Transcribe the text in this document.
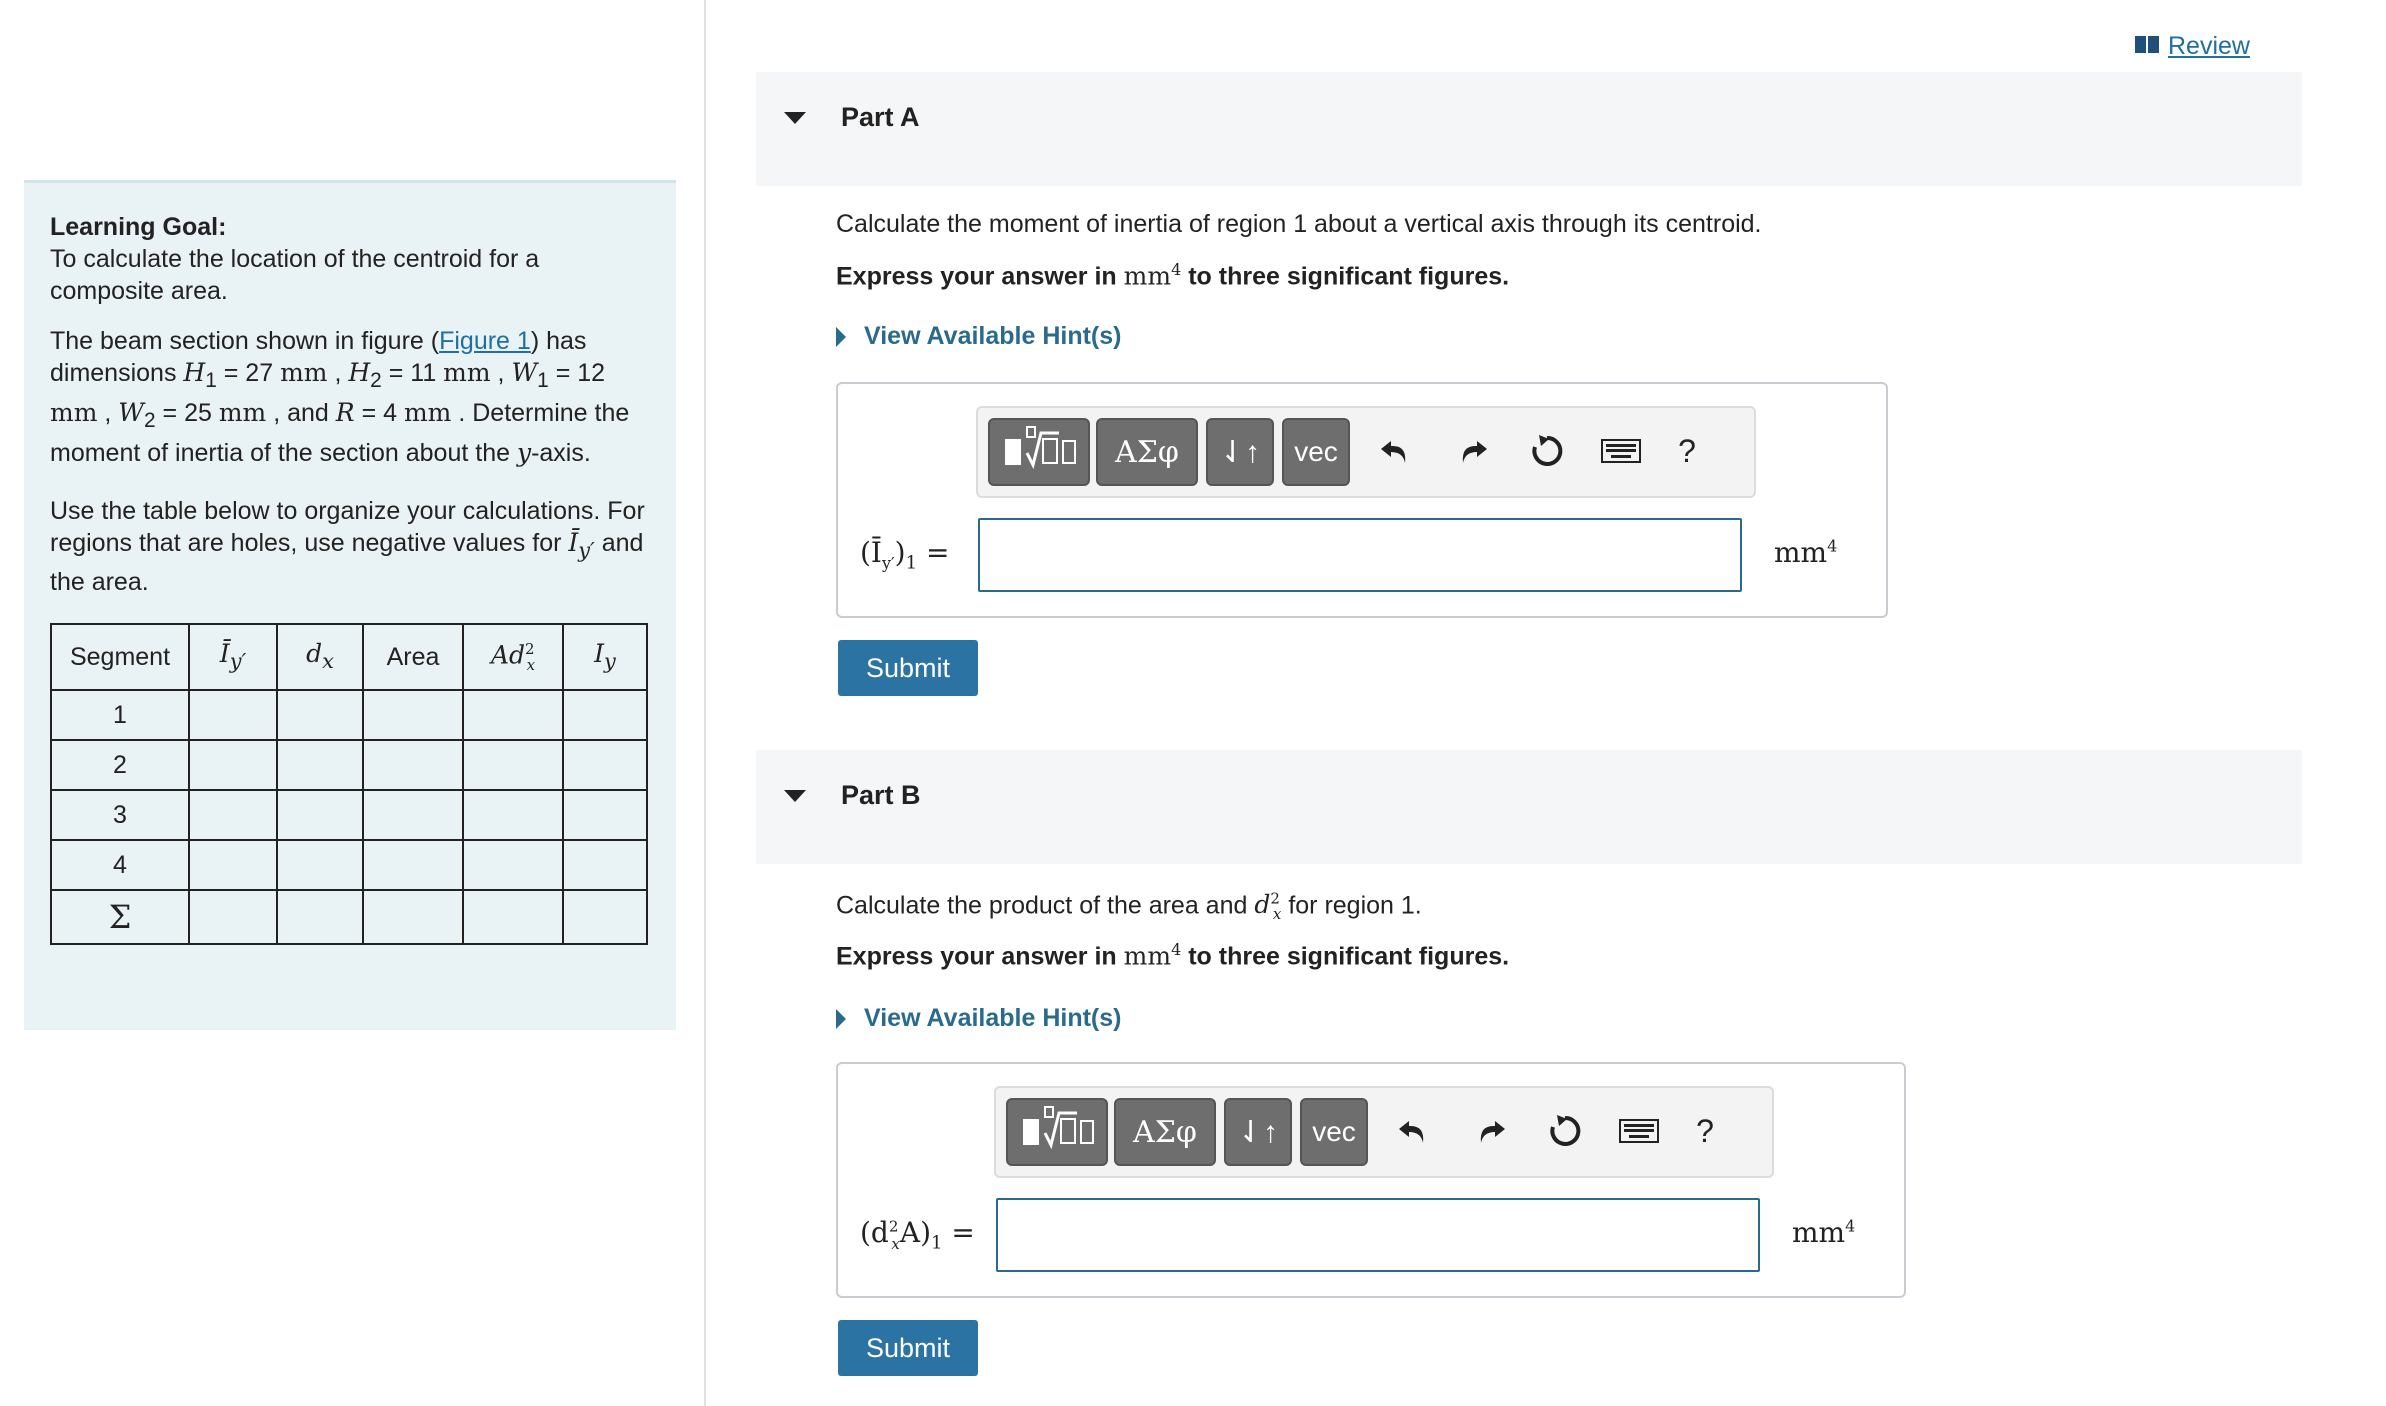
Learning Goal:
To calculate the location of the centroid for a composite area.
The beam section shown in figure (Figure 1) has dimensions $H_1 = 27$ mm , $H_2 = 11$ mm , $W_1 = 12$ mm , $W_2 = 25$ mm , and R = 4 mm . Determine the moment of inertia of the section about the y-axis.
Use the table below to organize your calculations. For regions that are holes, use negative values for $Ī_{y'}$ and the area.
Segment	$Ī_{y'}$	$d_x$	Area	$Ad^2_x$	$I_y$
1					
2					
3					
4					
Σ					
Review
Part A
Calculate the moment of inertia of region 1 about a vertical axis through its centroid.
Express your answer in $mm^4$ to three significant figures.
View Available Hint(s)
ΑΣφ	⇃↑	vec	?
$(Ī_{y'})_1$ =	$mm^4$
Submit
Part B
Calculate the product of the area and $d^2_x$ for region 1.
Express your answer in $mm^4$ to three significant figures.
View Available Hint(s)
ΑΣφ	⇃↑	vec	?
$(d^2_xA)_1$ =	$mm^4$
Submit
